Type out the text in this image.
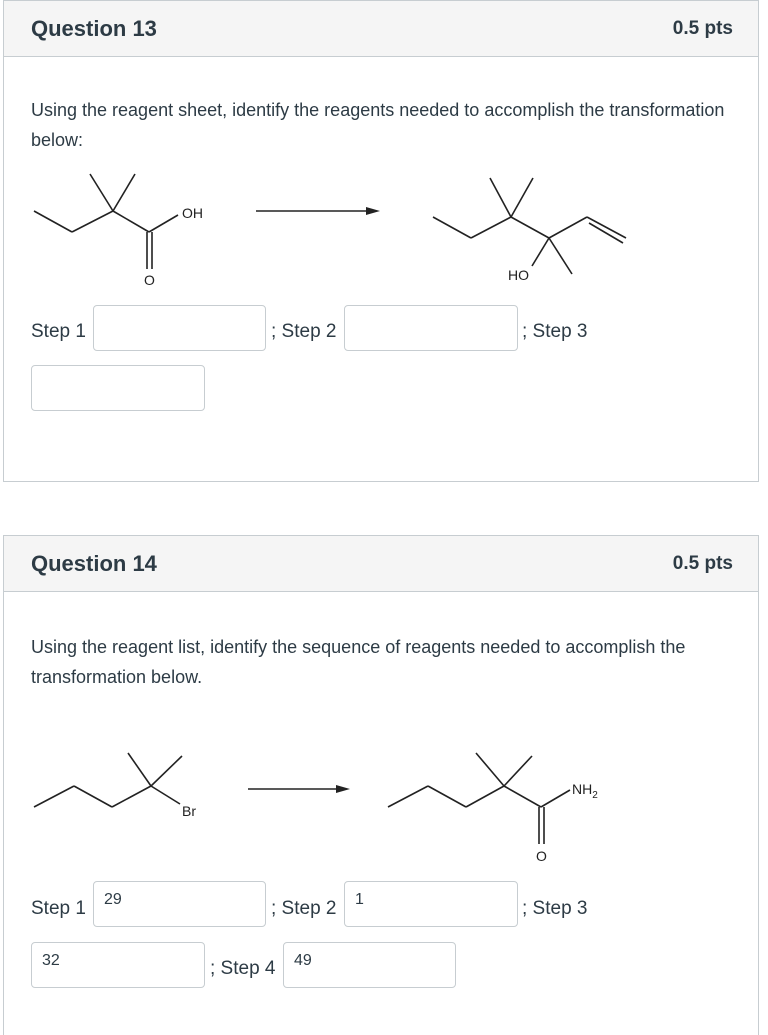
Question 13	0.5 pts
Using the reagent sheet, identify the reagents needed to accomplish the transformation below:
OH
O	HO
Step 1	; Step 2	; Step 3
Question 14	0.5 pts
Using the reagent list, identify the sequence of reagents needed to accomplish the transformation below.
Br
$NH_2$
O
Step 1
29	; Step 2
1	; Step 3
32
; Step 4
49
